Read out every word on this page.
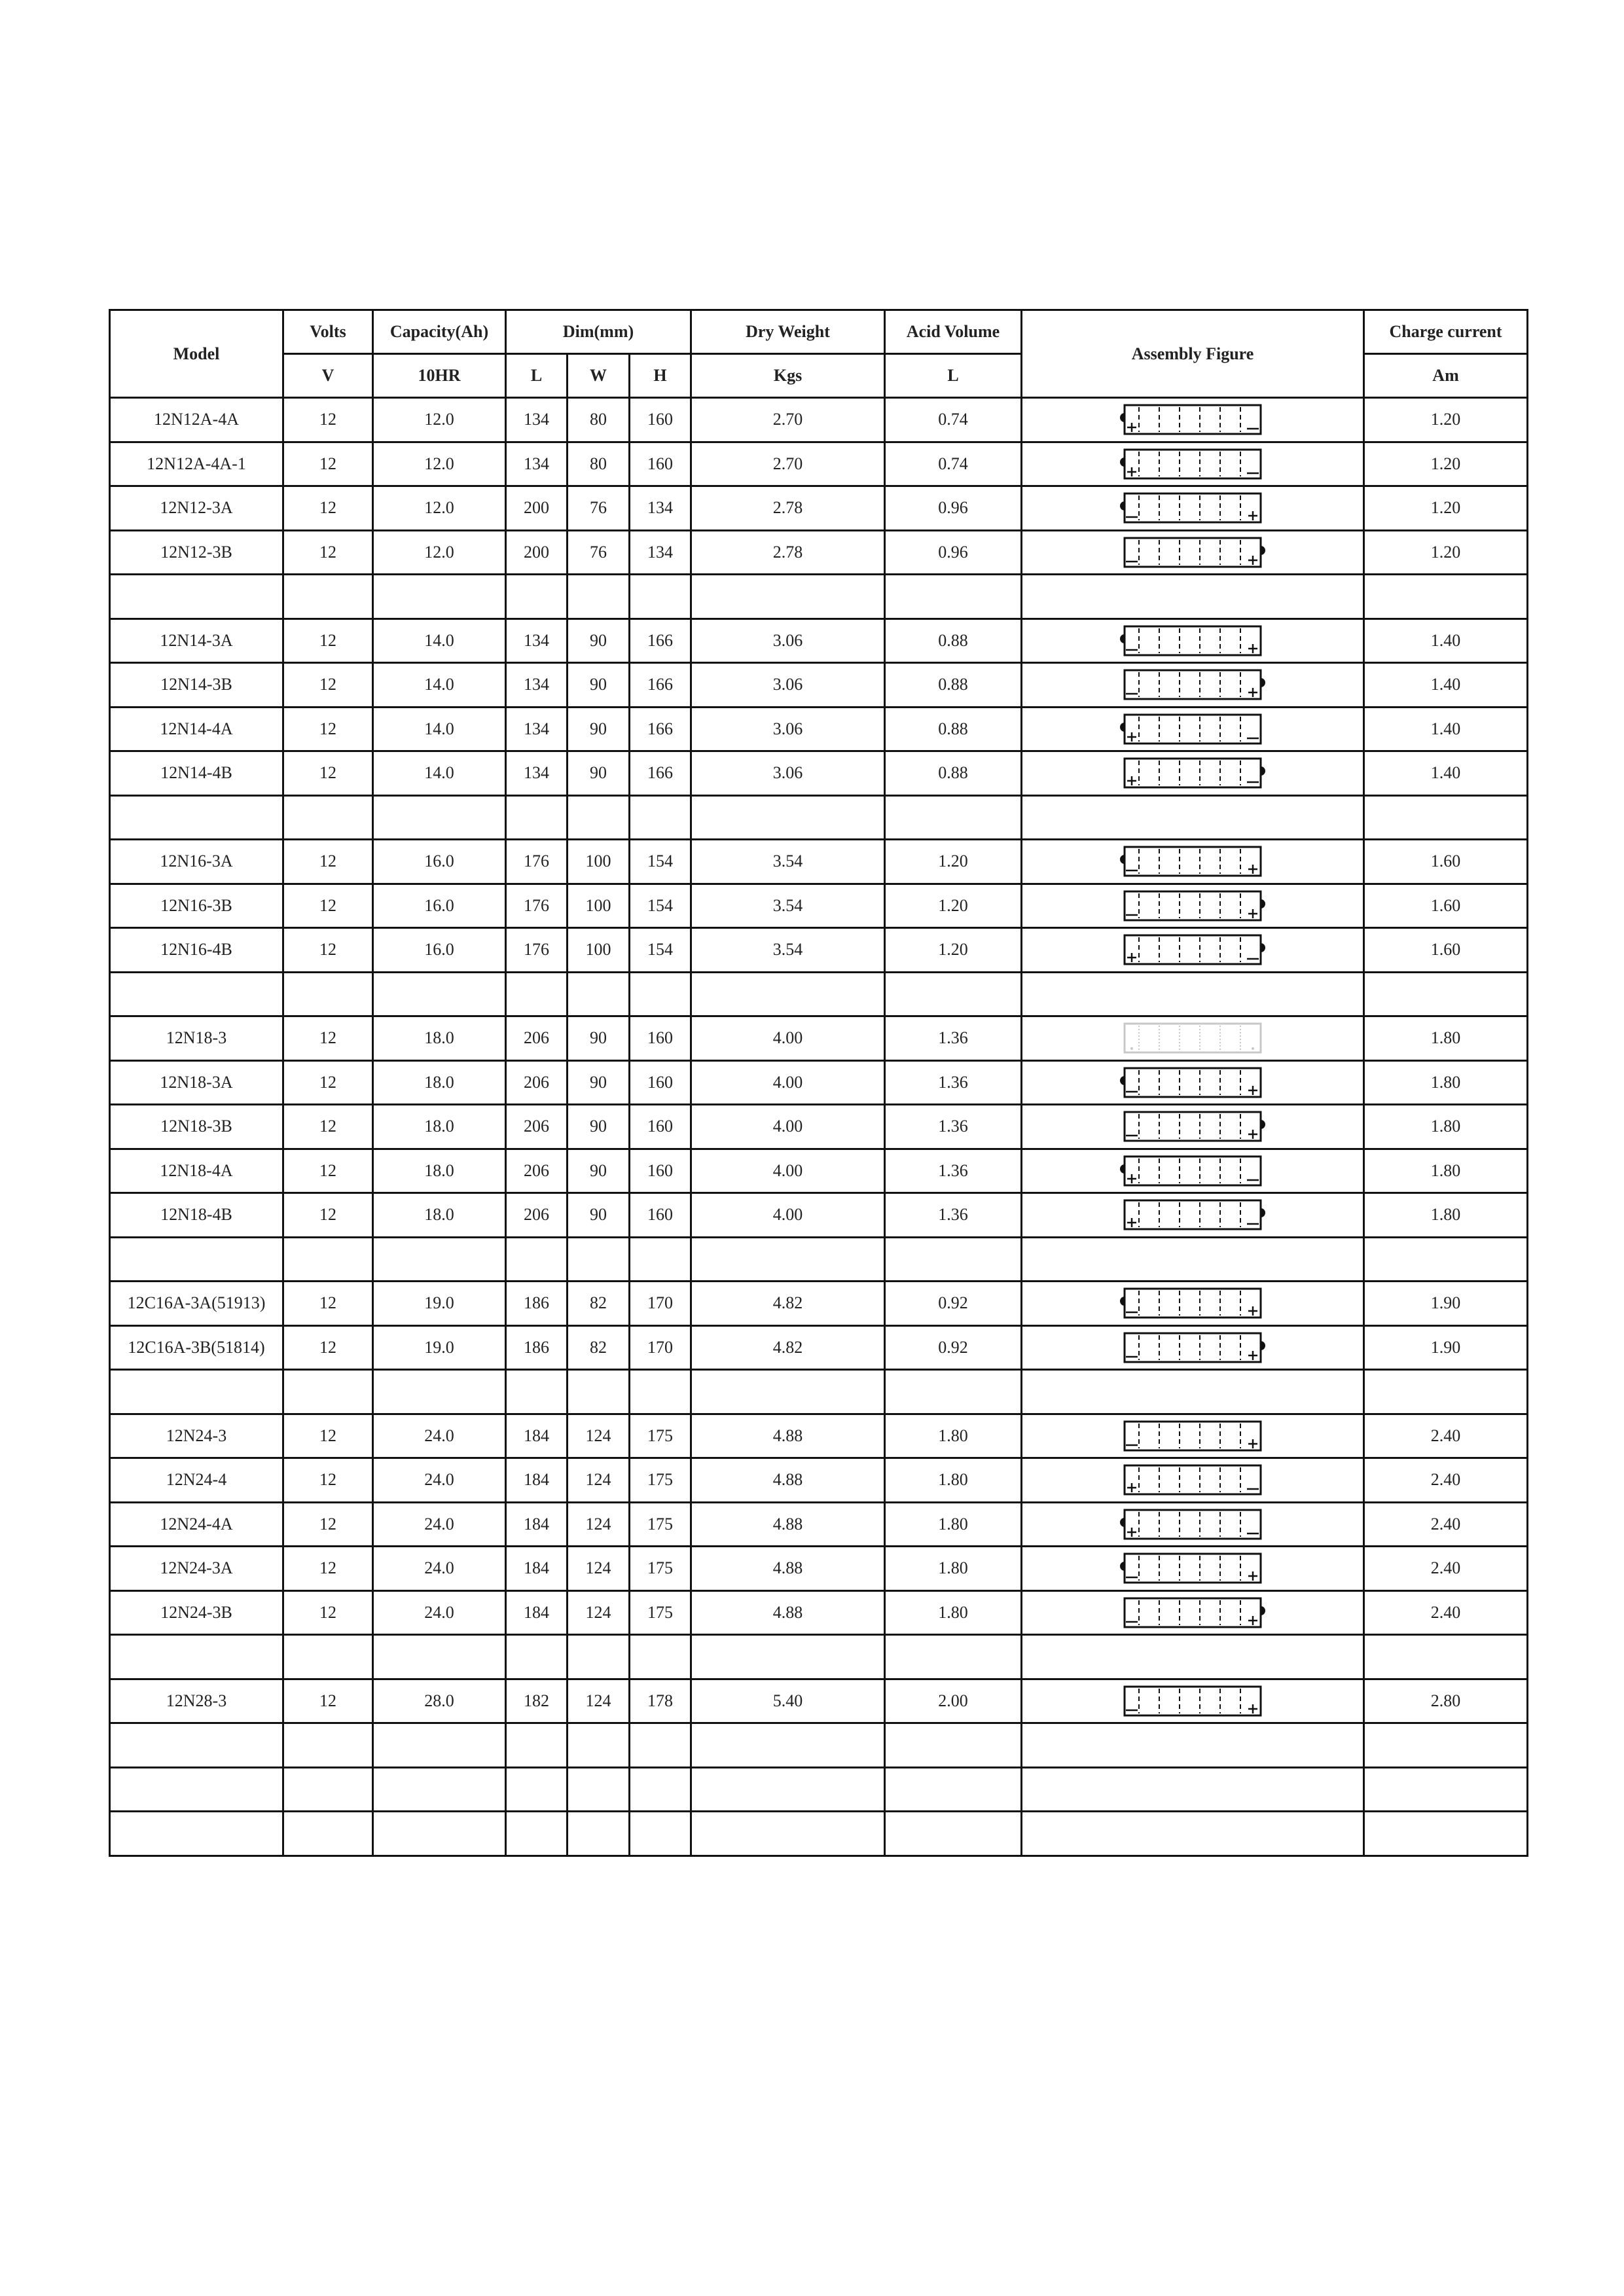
Model	Volts	Capacity(Ah)	Dim(mm)			Dry Weight	Acid Volume	Assembly Figure	Charge current
	V	10HR	L	W	H	Kgs	L		Am
12N12A-4A	12	12.0	134	80	160	2.70	0.74		1.20
12N12A-4A-1	12	12.0	134	80	160	2.70	0.74		1.20
12N12-3A	12	12.0	200	76	134	2.78	0.96		1.20
12N12-3B	12	12.0	200	76	134	2.78	0.96		1.20

12N14-3A	12	14.0	134	90	166	3.06	0.88		1.40
12N14-3B	12	14.0	134	90	166	3.06	0.88		1.40
12N14-4A	12	14.0	134	90	166	3.06	0.88		1.40
12N14-4B	12	14.0	134	90	166	3.06	0.88		1.40

12N16-3A	12	16.0	176	100	154	3.54	1.20		1.60
12N16-3B	12	16.0	176	100	154	3.54	1.20		1.60
12N16-4B	12	16.0	176	100	154	3.54	1.20		1.60

12N18-3	12	18.0	206	90	160	4.00	1.36		1.80
12N18-3A	12	18.0	206	90	160	4.00	1.36		1.80
12N18-3B	12	18.0	206	90	160	4.00	1.36		1.80
12N18-4A	12	18.0	206	90	160	4.00	1.36		1.80
12N18-4B	12	18.0	206	90	160	4.00	1.36		1.80

12C16A-3A(51913)	12	19.0	186	82	170	4.82	0.92		1.90
12C16A-3B(51814)	12	19.0	186	82	170	4.82	0.92		1.90

12N24-3	12	24.0	184	124	175	4.88	1.80		2.40
12N24-4	12	24.0	184	124	175	4.88	1.80		2.40
12N24-4A	12	24.0	184	124	175	4.88	1.80		2.40
12N24-3A	12	24.0	184	124	175	4.88	1.80		2.40
12N24-3B	12	24.0	184	124	175	4.88	1.80		2.40

12N28-3	12	28.0	182	124	178	5.40	2.00		2.80
